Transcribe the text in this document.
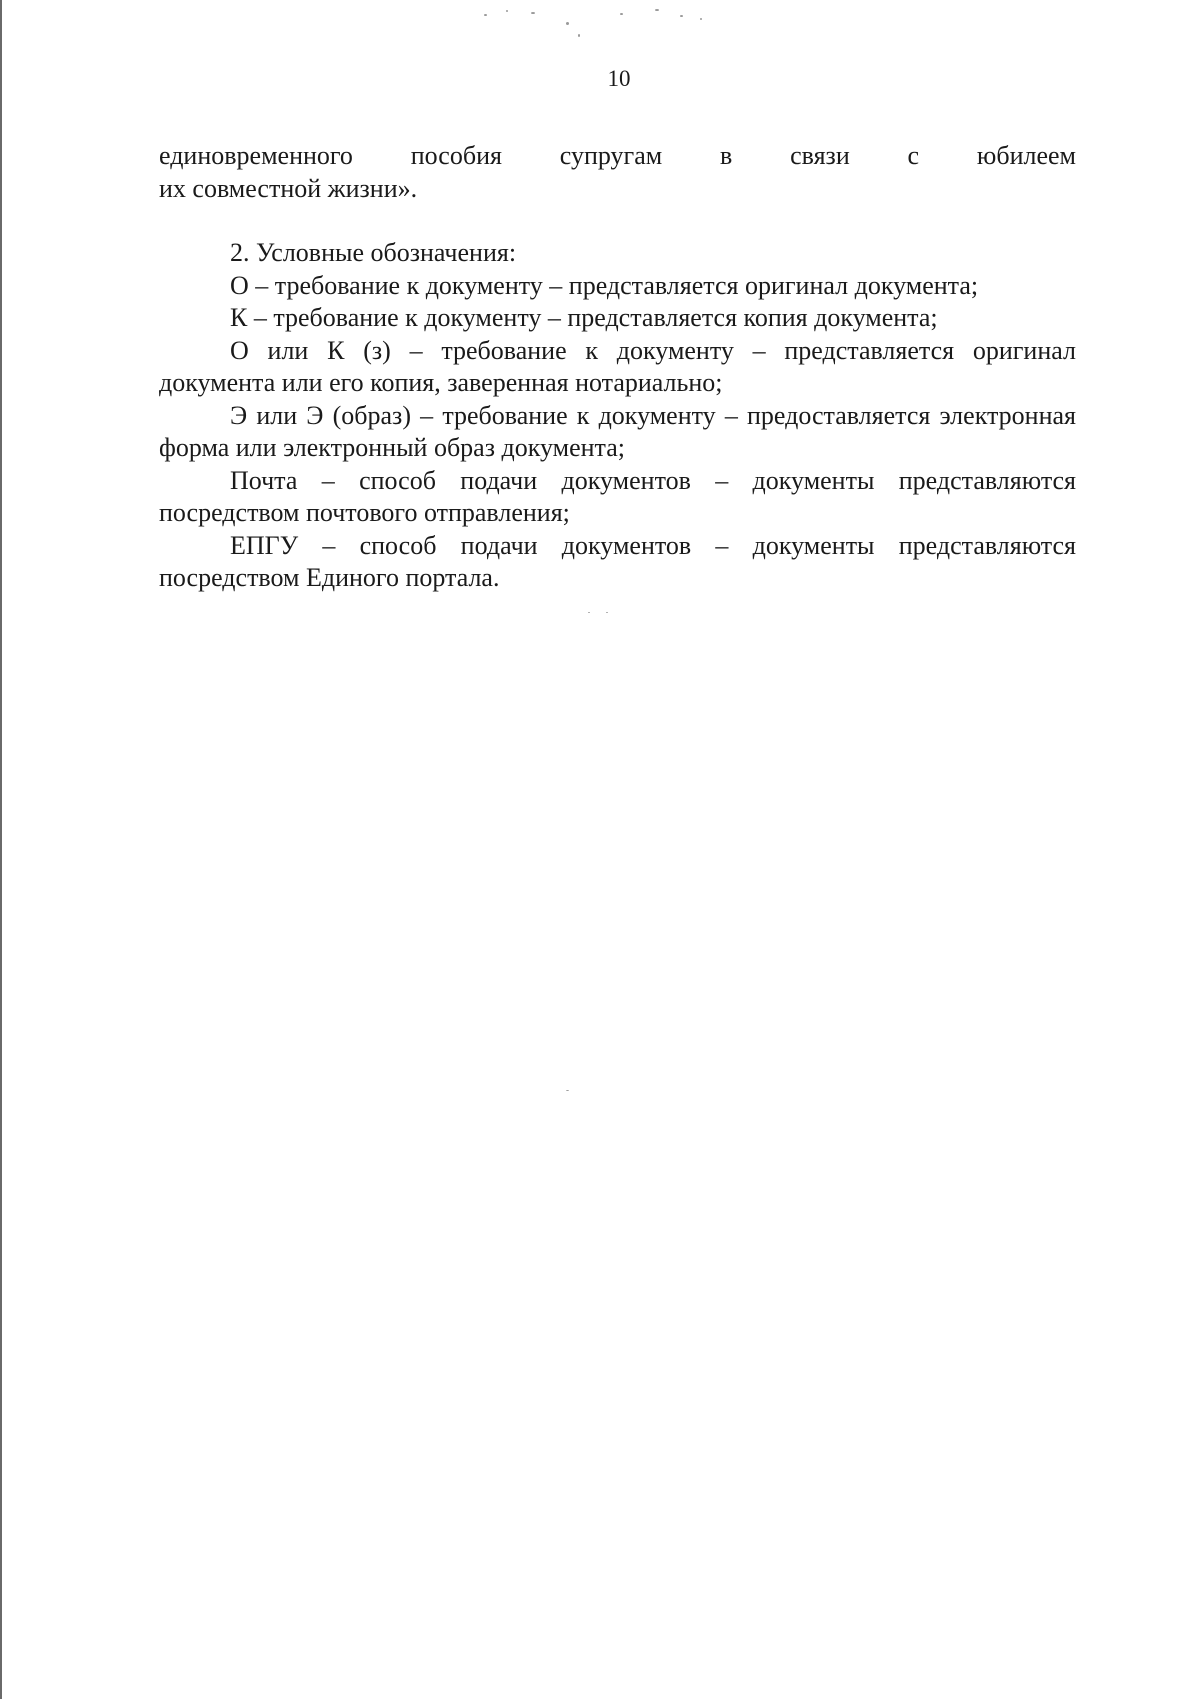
10

единовременного пособия супругам в связи с юбилеем

их совместной жизни».

2. Условные обозначения:

О – требование к документу – представляется оригинал документа;

К – требование к документу – представляется копия документа;

О или К (з) – требование к документу – представляется оригинал документа или его копия, заверенная нотариально;

Э или Э (образ) – требование к документу – предоставляется электронная форма или электронный образ документа;

Почта – способ подачи документов – документы представляются посредством почтового отправления;

ЕПГУ – способ подачи документов – документы представляются посредством Единого портала.
